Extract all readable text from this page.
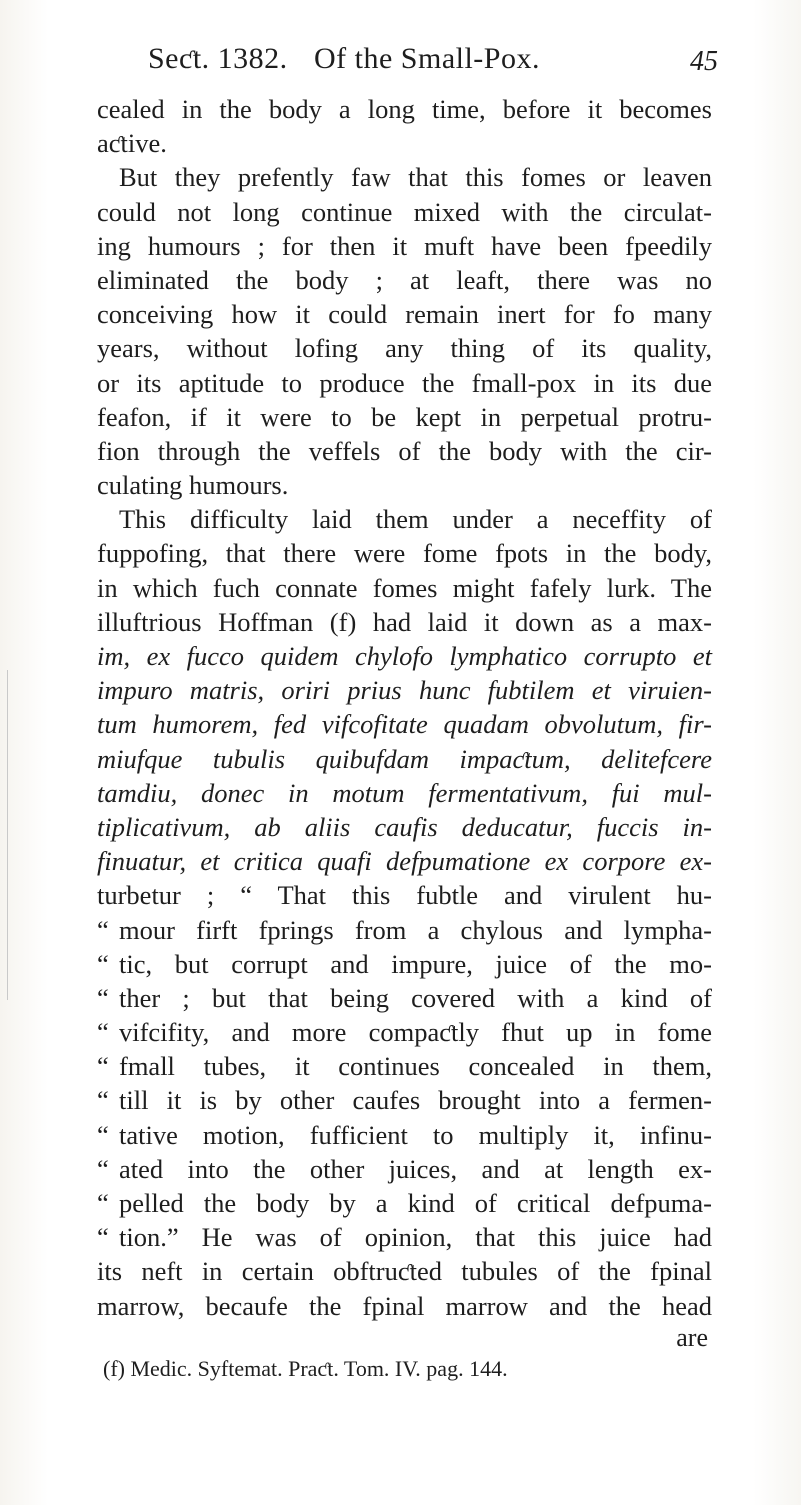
Seƈt. 1382. Of the Small-Pox.	45
cealed in the body a long time, before it becomes
aƈtive.
But they prefently faw that this fomes or leaven
could not long continue mixed with the circulat-
ing humours ; for then it muft have been fpeedily
eliminated the body ; at leaft, there was no
conceiving how it could remain inert for fo many
years, without lofing any thing of its quality,
or its aptitude to produce the fmall-pox in its due
feafon, if it were to be kept in perpetual protru-
fion through the veffels of the body with the cir-
culating humours.
This difficulty laid them under a neceffity of
fuppofing, that there were fome fpots in the body,
in which fuch connate fomes might fafely lurk. The
illuftrious Hoffman (f) had laid it down as a max-
im, ex fucco quidem chylofo lymphatico corrupto et
impuro matris, oriri prius hunc fubtilem et viruien-
tum humorem, fed vifcofitate quadam obvolutum, fir-
miufque tubulis quibufdam impaƈtum, delitefcere
tamdiu, donec in motum fermentativum, fui mul-
tiplicativum, ab aliis caufis deducatur, fuccis in-
finuatur, et critica quafi defpumatione ex corpore ex-
turbetur ; “ That this fubtle and virulent hu-
“ mour firft fprings from a chylous and lympha-
“ tic, but corrupt and impure, juice of the mo-
“ ther ; but that being covered with a kind of
“ vifcifity, and more compaƈtly fhut up in fome
“ fmall tubes, it continues concealed in them,
“ till it is by other caufes brought into a fermen-
“ tative motion, fufficient to multiply it, infinu-
“ ated into the other juices, and at length ex-
“ pelled the body by a kind of critical defpuma-
“ tion.” He was of opinion, that this juice had
its neft in certain obftruƈted tubules of the fpinal
marrow, becaufe the fpinal marrow and the head
are
(f) Medic. Syftemat. Praƈt. Tom. IV. pag. 144.
